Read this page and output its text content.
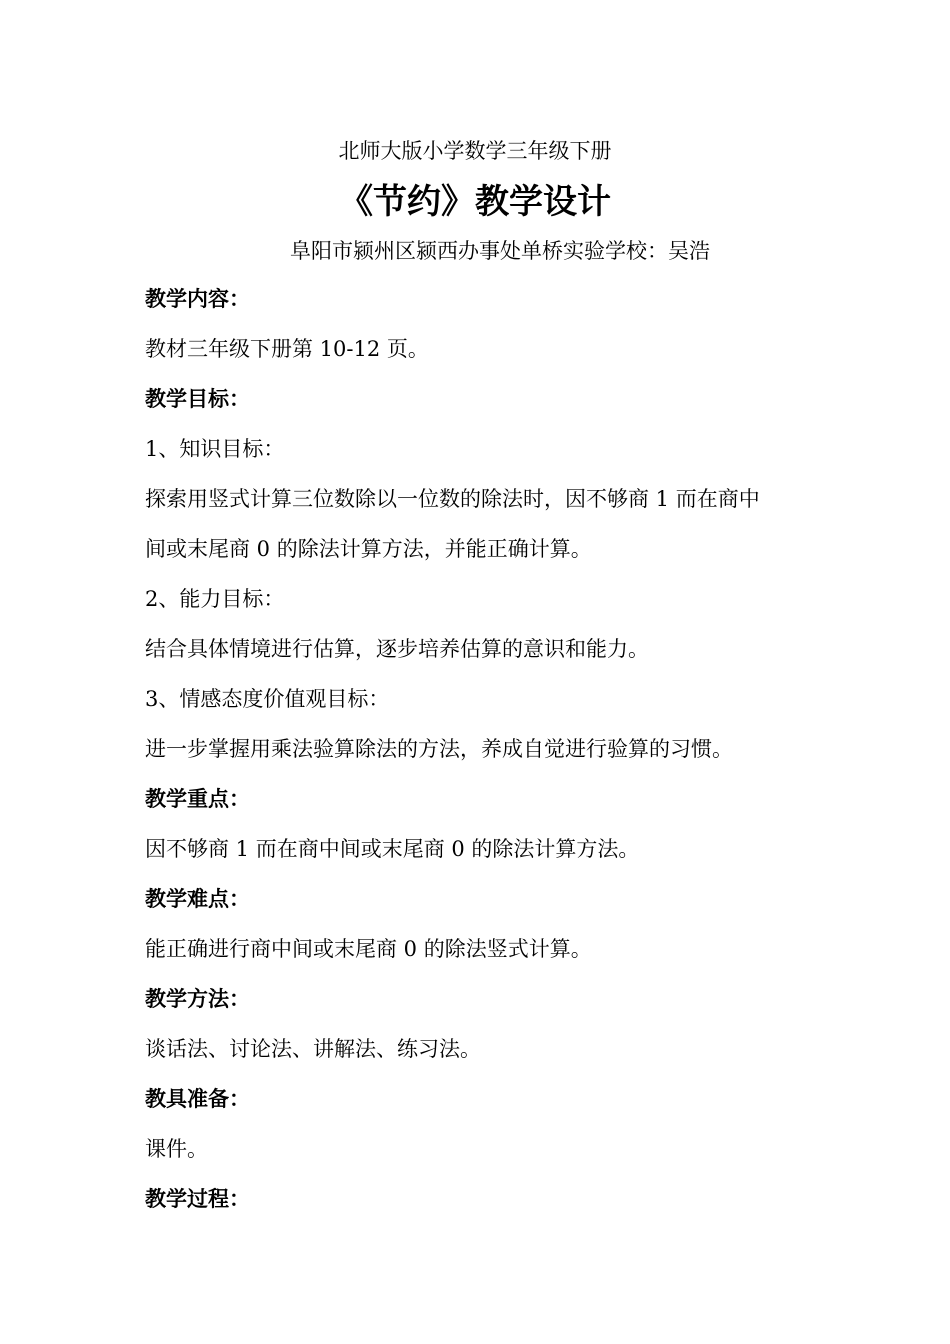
北师大版小学数学三年级下册
《节约》教学设计
阜阳市颍州区颍西办事处单桥实验学校：吴浩
教学内容：
教材三年级下册第 10-12 页。
教学目标：
1、知识目标：
探索用竖式计算三位数除以一位数的除法时，因不够商 1 而在商中
间或末尾商 0 的除法计算方法，并能正确计算。
2、能力目标：
结合具体情境进行估算，逐步培养估算的意识和能力。
3、情感态度价值观目标：
进一步掌握用乘法验算除法的方法，养成自觉进行验算的习惯。
教学重点：
因不够商 1 而在商中间或末尾商 0 的除法计算方法。
教学难点：
能正确进行商中间或末尾商 0 的除法竖式计算。
教学方法：
谈话法、讨论法、讲解法、练习法。
教具准备：
课件。
教学过程：
